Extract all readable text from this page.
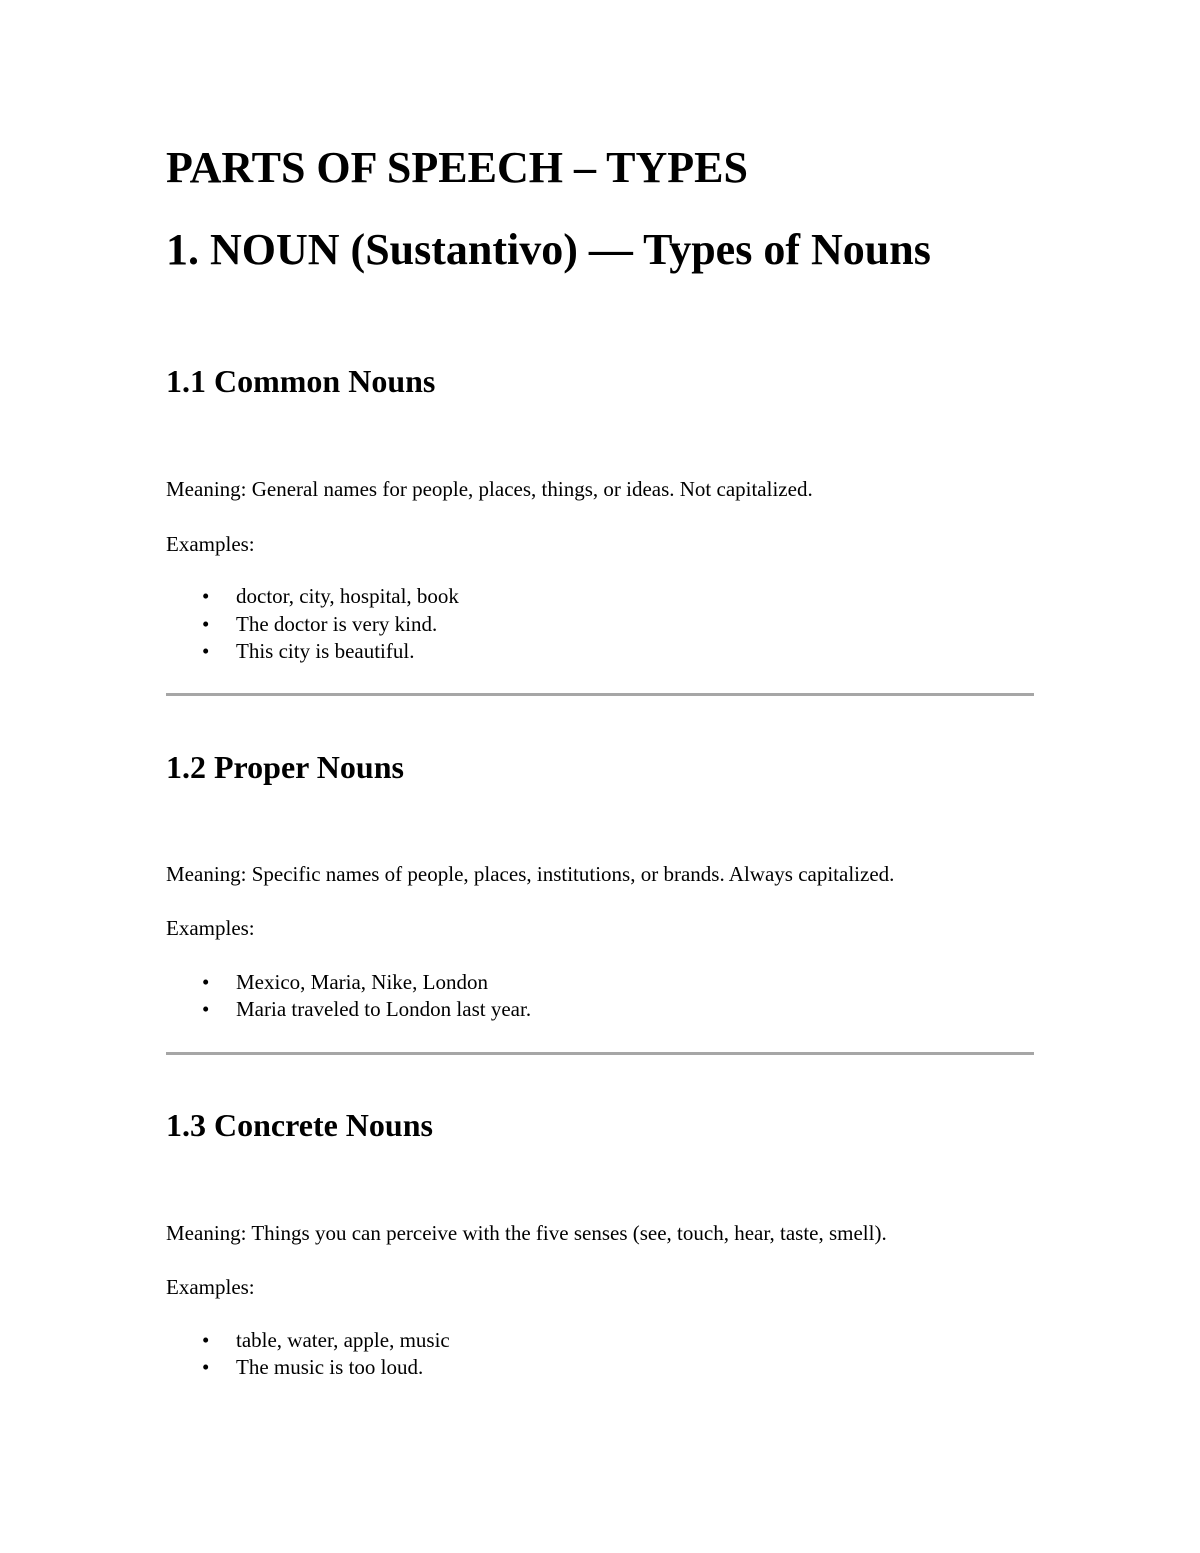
PARTS OF SPEECH – TYPES
1. NOUN (Sustantivo) — Types of Nouns
1.1 Common Nouns

Meaning: General names for people, places, things, or ideas. Not capitalized.

Examples:

•	doctor, city, hospital, book
•	The doctor is very kind.
•	This city is beautiful.
1.2 Proper Nouns

Meaning: Specific names of people, places, institutions, or brands. Always capitalized.

Examples:

•	Mexico, Maria, Nike, London
•	Maria traveled to London last year.
1.3 Concrete Nouns

Meaning: Things you can perceive with the five senses (see, touch, hear, taste, smell).

Examples:

•	table, water, apple, music
•	The music is too loud.
